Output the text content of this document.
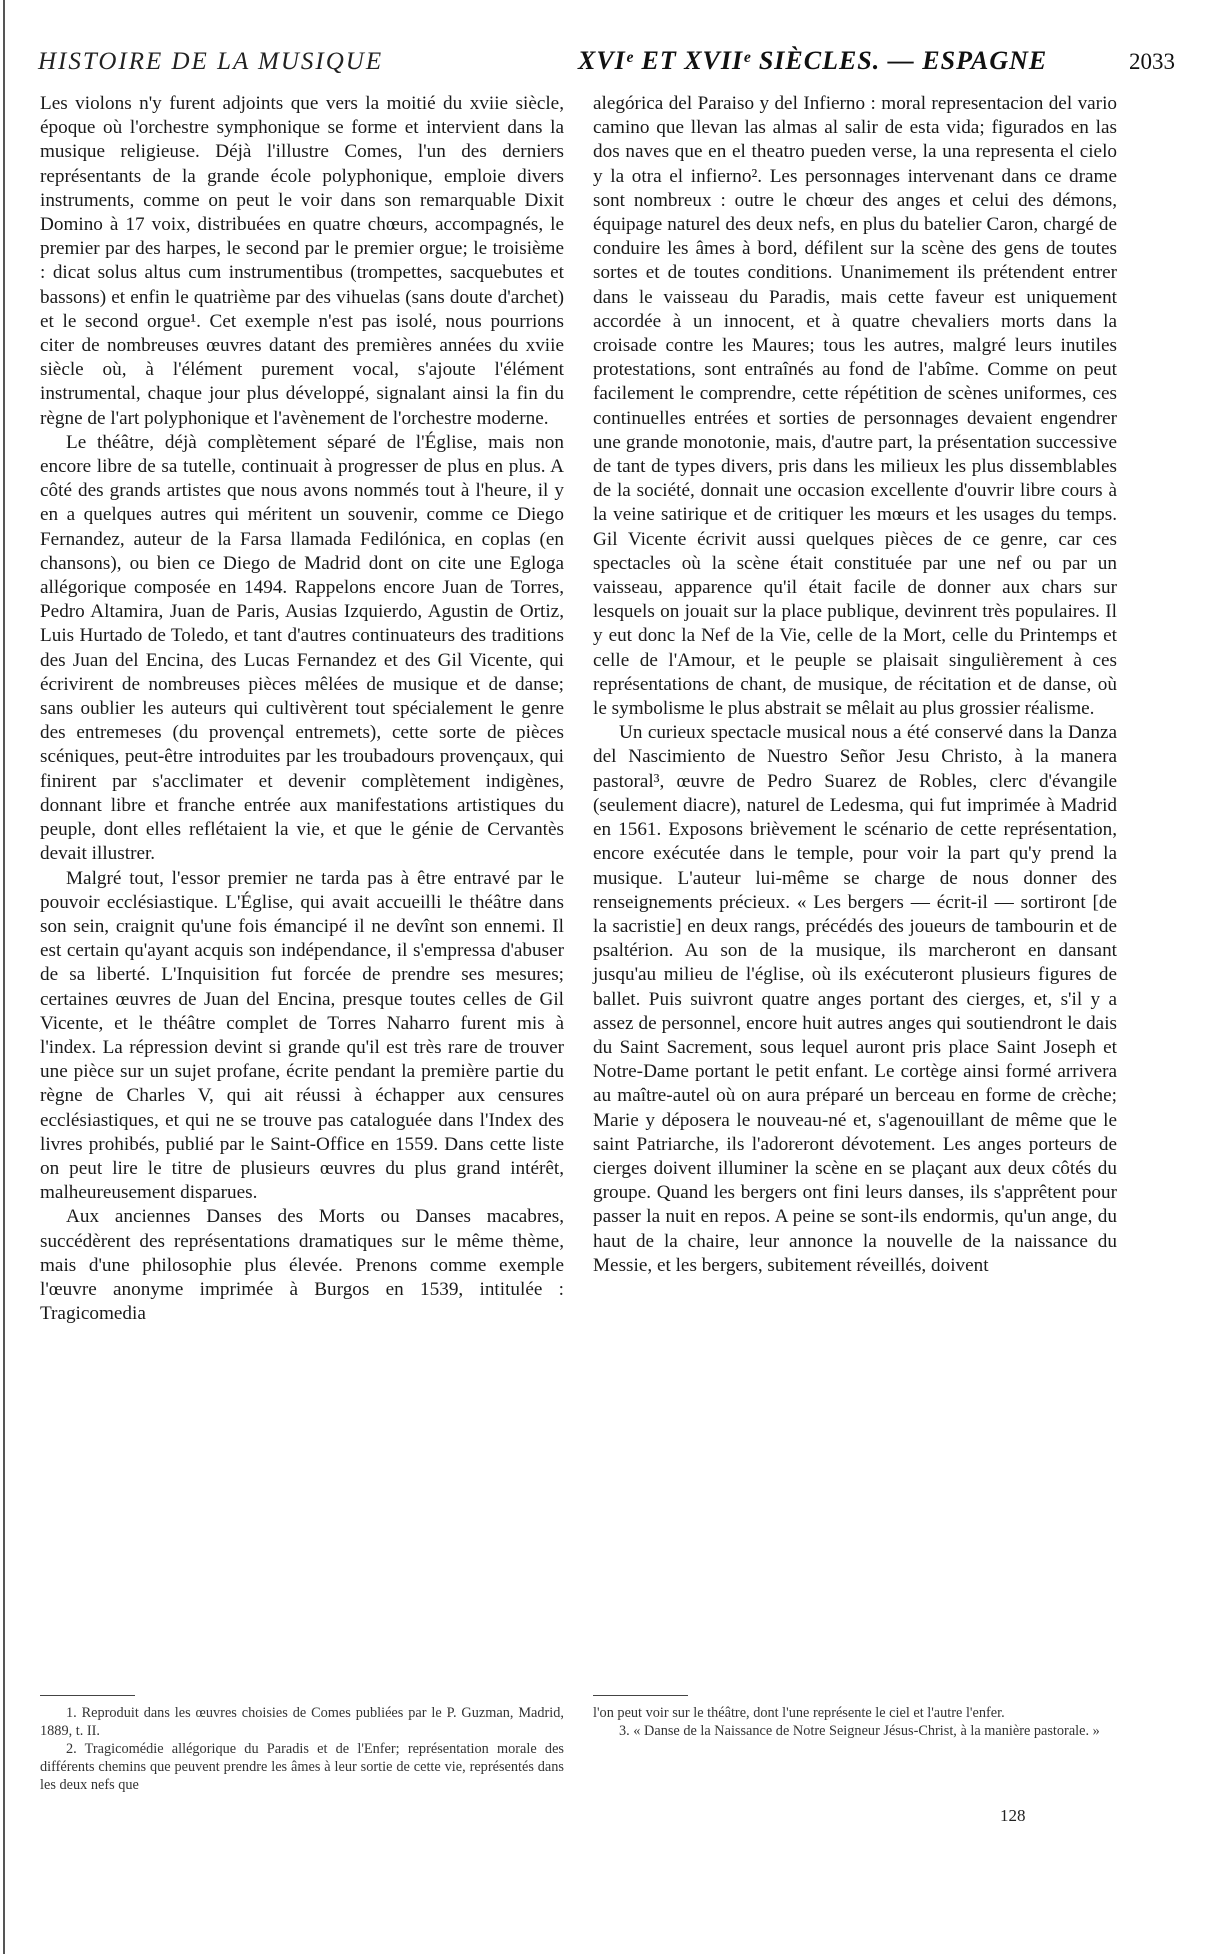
HISTOIRE DE LA MUSIQUE	XVIᵉ ET XVIIᵉ SIÈCLES. — ESPAGNE	2033

Les violons n'y furent adjoints que vers la moitié du xviie siècle, époque où l'orchestre symphonique se forme et intervient dans la musique religieuse. Déjà l'illustre Comes, l'un des derniers représentants de la grande école polyphonique, emploie divers instruments, comme on peut le voir dans son remarquable Dixit Domino à 17 voix, distribuées en quatre chœurs, accompagnés, le premier par des harpes, le second par le premier orgue; le troisième : dicat solus altus cum instrumentibus (trompettes, sacquebutes et bassons) et enfin le quatrième par des vihuelas (sans doute d'archet) et le second orgue¹. Cet exemple n'est pas isolé, nous pourrions citer de nombreuses œuvres datant des premières années du xviie siècle où, à l'élément purement vocal, s'ajoute l'élément instrumental, chaque jour plus développé, signalant ainsi la fin du règne de l'art polyphonique et l'avènement de l'orchestre moderne.

Le théâtre, déjà complètement séparé de l'Église, mais non encore libre de sa tutelle, continuait à progresser de plus en plus. A côté des grands artistes que nous avons nommés tout à l'heure, il y en a quelques autres qui méritent un souvenir, comme ce Diego Fernandez, auteur de la Farsa llamada Fedilónica, en coplas (en chansons), ou bien ce Diego de Madrid dont on cite une Egloga allégorique composée en 1494. Rappelons encore Juan de Torres, Pedro Altamira, Juan de Paris, Ausias Izquierdo, Agustin de Ortiz, Luis Hurtado de Toledo, et tant d'autres continuateurs des traditions des Juan del Encina, des Lucas Fernandez et des Gil Vicente, qui écrivirent de nombreuses pièces mêlées de musique et de danse; sans oublier les auteurs qui cultivèrent tout spécialement le genre des entremeses (du provençal entremets), cette sorte de pièces scéniques, peut-être introduites par les troubadours provençaux, qui finirent par s'acclimater et devenir complètement indigènes, donnant libre et franche entrée aux manifestations artistiques du peuple, dont elles reflétaient la vie, et que le génie de Cervantès devait illustrer.

Malgré tout, l'essor premier ne tarda pas à être entravé par le pouvoir ecclésiastique. L'Église, qui avait accueilli le théâtre dans son sein, craignit qu'une fois émancipé il ne devînt son ennemi. Il est certain qu'ayant acquis son indépendance, il s'empressa d'abuser de sa liberté. L'Inquisition fut forcée de prendre ses mesures; certaines œuvres de Juan del Encina, presque toutes celles de Gil Vicente, et le théâtre complet de Torres Naharro furent mis à l'index. La répression devint si grande qu'il est très rare de trouver une pièce sur un sujet profane, écrite pendant la première partie du règne de Charles V, qui ait réussi à échapper aux censures ecclésiastiques, et qui ne se trouve pas cataloguée dans l'Index des livres prohibés, publié par le Saint-Office en 1559. Dans cette liste on peut lire le titre de plusieurs œuvres du plus grand intérêt, malheureusement disparues.

Aux anciennes Danses des Morts ou Danses macabres, succédèrent des représentations dramatiques sur le même thème, mais d'une philosophie plus élevée. Prenons comme exemple l'œuvre anonyme imprimée à Burgos en 1539, intitulée : Tragicomedia

alegórica del Paraiso y del Infierno : moral representacion del vario camino que llevan las almas al salir de esta vida; figurados en las dos naves que en el theatro pueden verse, la una representa el cielo y la otra el infierno². Les personnages intervenant dans ce drame sont nombreux : outre le chœur des anges et celui des démons, équipage naturel des deux nefs, en plus du batelier Caron, chargé de conduire les âmes à bord, défilent sur la scène des gens de toutes sortes et de toutes conditions. Unanimement ils prétendent entrer dans le vaisseau du Paradis, mais cette faveur est uniquement accordée à un innocent, et à quatre chevaliers morts dans la croisade contre les Maures; tous les autres, malgré leurs inutiles protestations, sont entraînés au fond de l'abîme. Comme on peut facilement le comprendre, cette répétition de scènes uniformes, ces continuelles entrées et sorties de personnages devaient engendrer une grande monotonie, mais, d'autre part, la présentation successive de tant de types divers, pris dans les milieux les plus dissemblables de la société, donnait une occasion excellente d'ouvrir libre cours à la veine satirique et de critiquer les mœurs et les usages du temps. Gil Vicente écrivit aussi quelques pièces de ce genre, car ces spectacles où la scène était constituée par une nef ou par un vaisseau, apparence qu'il était facile de donner aux chars sur lesquels on jouait sur la place publique, devinrent très populaires. Il y eut donc la Nef de la Vie, celle de la Mort, celle du Printemps et celle de l'Amour, et le peuple se plaisait singulièrement à ces représentations de chant, de musique, de récitation et de danse, où le symbolisme le plus abstrait se mêlait au plus grossier réalisme.

Un curieux spectacle musical nous a été conservé dans la Danza del Nascimiento de Nuestro Señor Jesu Christo, à la manera pastoral³, œuvre de Pedro Suarez de Robles, clerc d'évangile (seulement diacre), naturel de Ledesma, qui fut imprimée à Madrid en 1561. Exposons brièvement le scénario de cette représentation, encore exécutée dans le temple, pour voir la part qu'y prend la musique. L'auteur lui-même se charge de nous donner des renseignements précieux. « Les bergers — écrit-il — sortiront [de la sacristie] en deux rangs, précédés des joueurs de tambourin et de psaltérion. Au son de la musique, ils marcheront en dansant jusqu'au milieu de l'église, où ils exécuteront plusieurs figures de ballet. Puis suivront quatre anges portant des cierges, et, s'il y a assez de personnel, encore huit autres anges qui soutiendront le dais du Saint Sacrement, sous lequel auront pris place Saint Joseph et Notre-Dame portant le petit enfant. Le cortège ainsi formé arrivera au maître-autel où on aura préparé un berceau en forme de crèche; Marie y déposera le nouveau-né et, s'agenouillant de même que le saint Patriarche, ils l'adoreront dévotement. Les anges porteurs de cierges doivent illuminer la scène en se plaçant aux deux côtés du groupe. Quand les bergers ont fini leurs danses, ils s'apprêtent pour passer la nuit en repos. A peine se sont-ils endormis, qu'un ange, du haut de la chaire, leur annonce la nouvelle de la naissance du Messie, et les bergers, subitement réveillés, doivent

1. Reproduit dans les œuvres choisies de Comes publiées par le P. Guzman, Madrid, 1889, t. II.

2. Tragicomédie allégorique du Paradis et de l'Enfer; représentation morale des différents chemins que peuvent prendre les âmes à leur sortie de cette vie, représentés dans les deux nefs que

l'on peut voir sur le théâtre, dont l'une représente le ciel et l'autre l'enfer.

3. « Danse de la Naissance de Notre Seigneur Jésus-Christ, à la manière pastorale. »

128
